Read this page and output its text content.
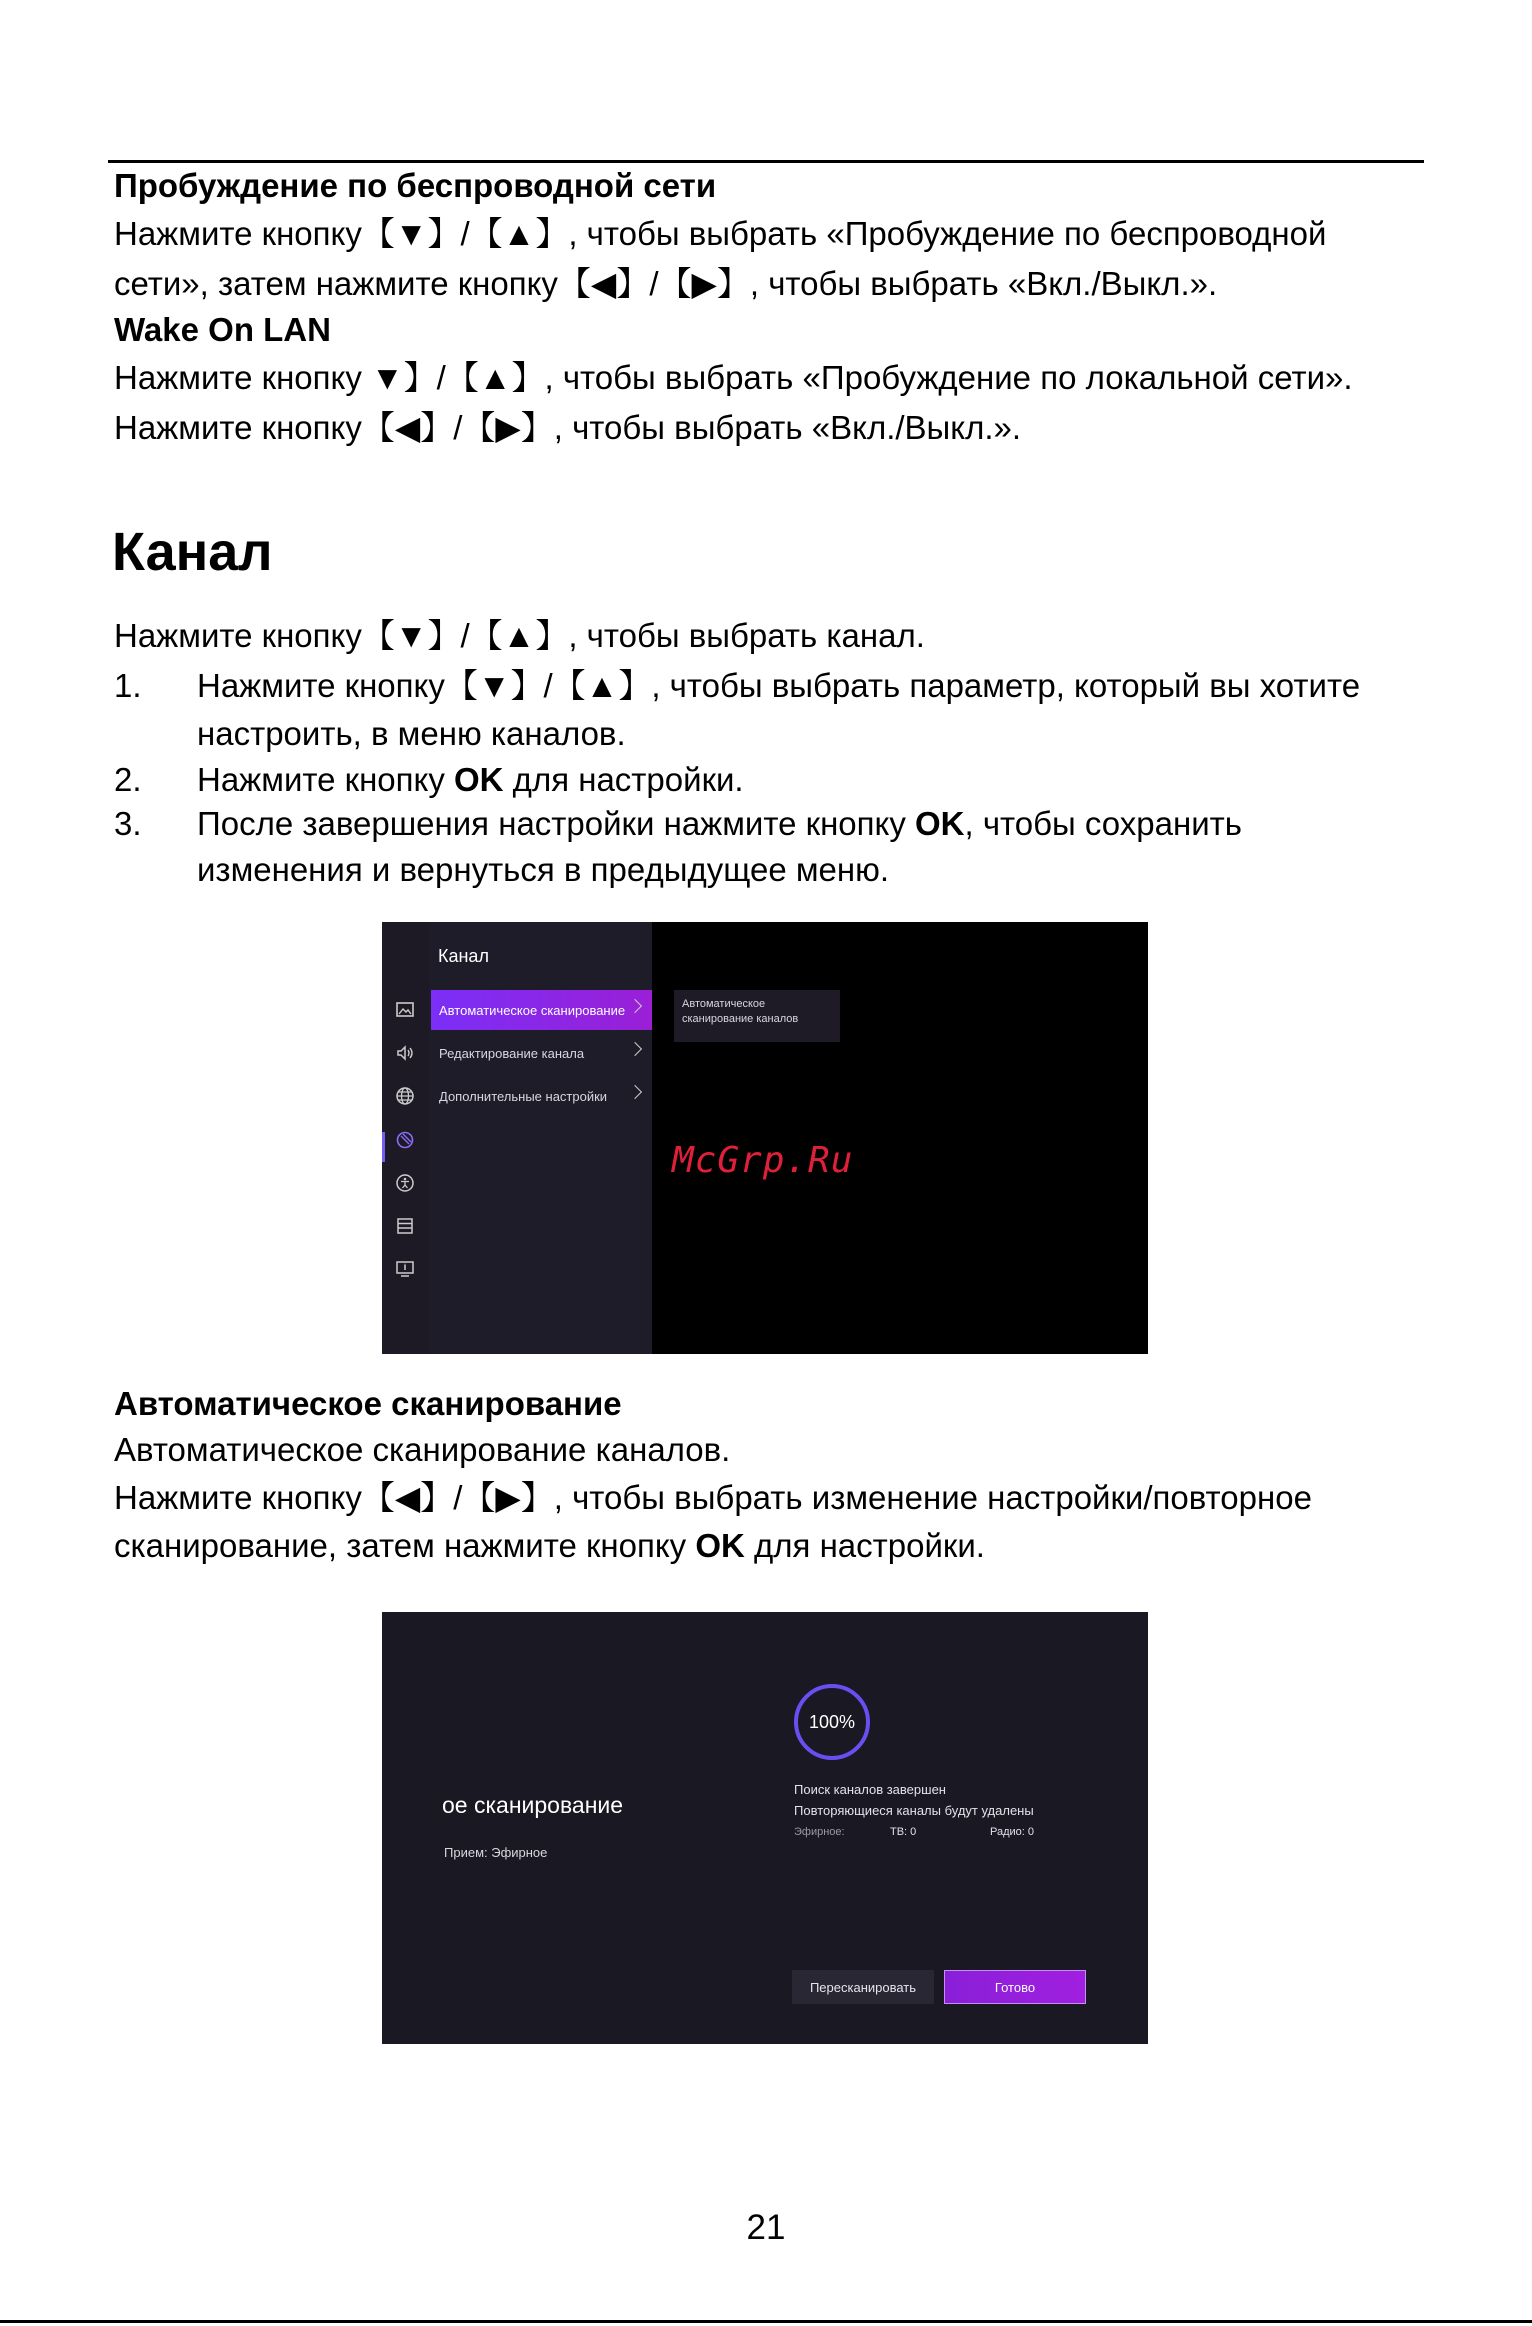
Пробуждение по беспроводной сети
Нажмите кнопку【▼】/【▲】, чтобы выбрать «Пробуждение по беспроводной
сети», затем нажмите кнопку【◀】/【▶】, чтобы выбрать «Вкл./Выкл.».
Wake On LAN
Нажмите кнопку ▼】/【▲】, чтобы выбрать «Пробуждение по локальной сети».
Нажмите кнопку【◀】/【▶】, чтобы выбрать «Вкл./Выкл.».
Канал
Нажмите кнопку【▼】/【▲】, чтобы выбрать канал.
1. Нажмите кнопку【▼】/【▲】, чтобы выбрать параметр, который вы хотите
настроить, в меню каналов.
2. Нажмите кнопку OK для настройки.
3. После завершения настройки нажмите кнопку OK, чтобы сохранить
изменения и вернуться в предыдущее меню.
Канал
Автоматическое сканирование
Редактирование канала
Дополнительные настройки
Автоматическое
сканирование каналов
McGrp.Ru
Автоматическое сканирование
Автоматическое сканирование каналов.
Нажмите кнопку【◀】/【▶】, чтобы выбрать изменение настройки/повторное
сканирование, затем нажмите кнопку OK для настройки.
ое сканирование
Прием: Эфирное
100%
Поиск каналов завершен
Повторяющиеся каналы будут удалены
Эфирное:	ТВ: 0	Радио: 0
Пересканировать	Готово
21
